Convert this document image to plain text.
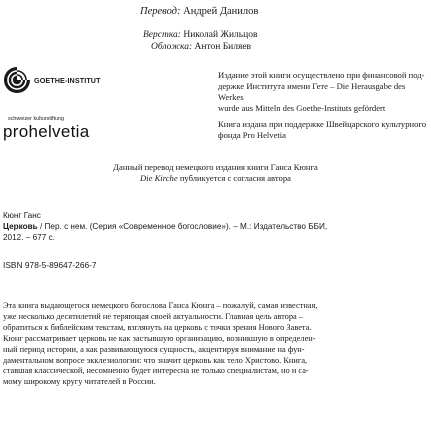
Перевод: Андрей Данилов
Верстка: Николай Жильцов
Обложка: Антон Биляев
GOETHE-INSTITUT	Издание этой книги осуществлено при финансовой под-
держке Института имени Гете – Die Herausgabe des Werkes
wurde aus Mitteln des Goethe-Instituts gefördert
schweizer kulturstiftung
prohelvetia	Книга издана при поддержке Швейцарского культурного
фонда Pro Helvetia
Данный перевод немецкого издания книги Ганса Кюнга
Die Kirche публикуется с согласия автора
Кюнг Ганс
Церковь / Пер. с нем. (Серия «Современное богословие»). – М.: Издательство ББИ,
2012. – 677 с.
ISBN 978-5-89647-266-7
Эта книга выдающегося немецкого богослова Ганса Кюнга – пожалуй, самая известная,
уже несколько десятилетий не теряющая своей актуальности. Главная цель автора –
обратиться к библейским текстам, взглянуть на церковь с точки зрения Нового Завета.
Кюнг рассматривает церковь не как застывшую организацию, возникшую в определен-
ный период истории, а как развивающуюся сущность, акцентируя внимание на фун-
даментальном вопросе экклезиологии: что значит церковь как тело Христово. Книга,
ставшая классической, несомненно будет интересна не только специалистам, но и са-
мому широкому кругу читателей в России.
